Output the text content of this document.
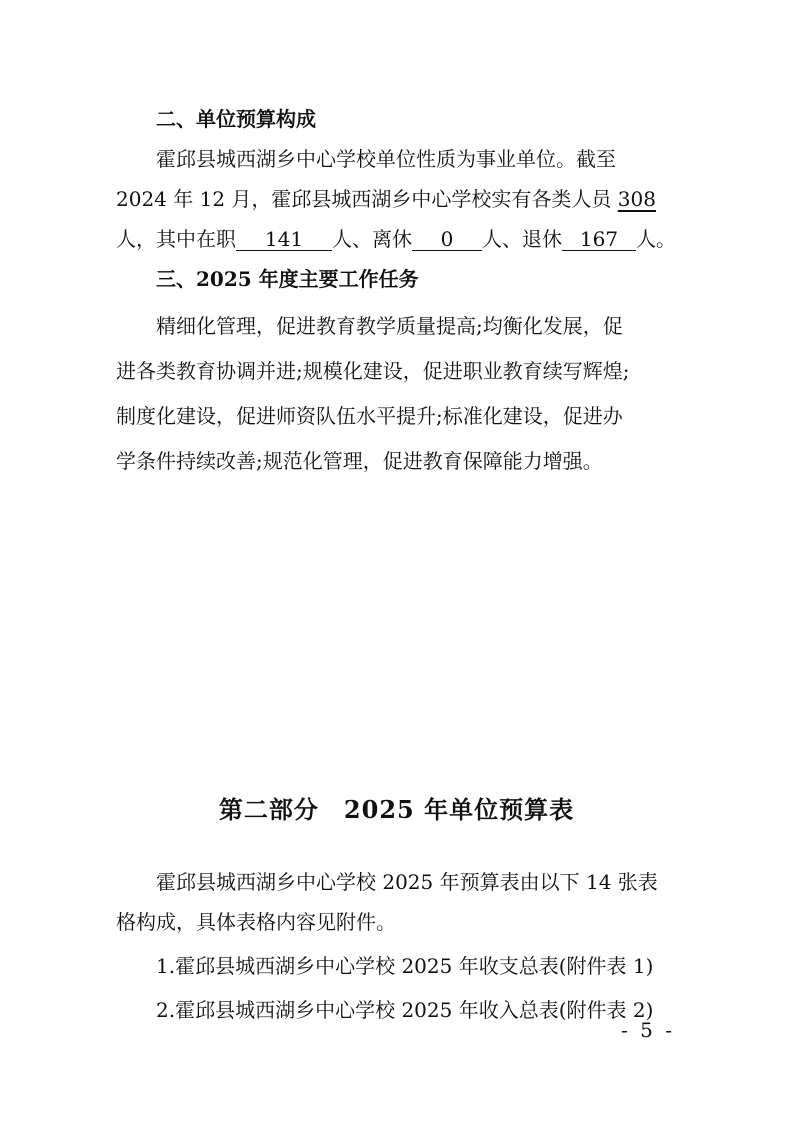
二、单位预算构成
霍邱县城西湖乡中心学校单位性质为事业单位。截至
2024 年 12 月，霍邱县城西湖乡中心学校实有各类人员 308
人，其中在职 141 人、离休 0 人、退休 167 人。
三、2025 年度主要工作任务
精细化管理，促进教育教学质量提高;均衡化发展，促
进各类教育协调并进;规模化建设，促进职业教育续写辉煌;
制度化建设，促进师资队伍水平提升;标准化建设，促进办
学条件持续改善;规范化管理，促进教育保障能力增强。
第二部分　2025 年单位预算表
霍邱县城西湖乡中心学校 2025 年预算表由以下 14 张表
格构成，具体表格内容见附件。
1.霍邱县城西湖乡中心学校 2025 年收支总表(附件表 1)
2.霍邱县城西湖乡中心学校 2025 年收入总表(附件表 2)
- 5 -
